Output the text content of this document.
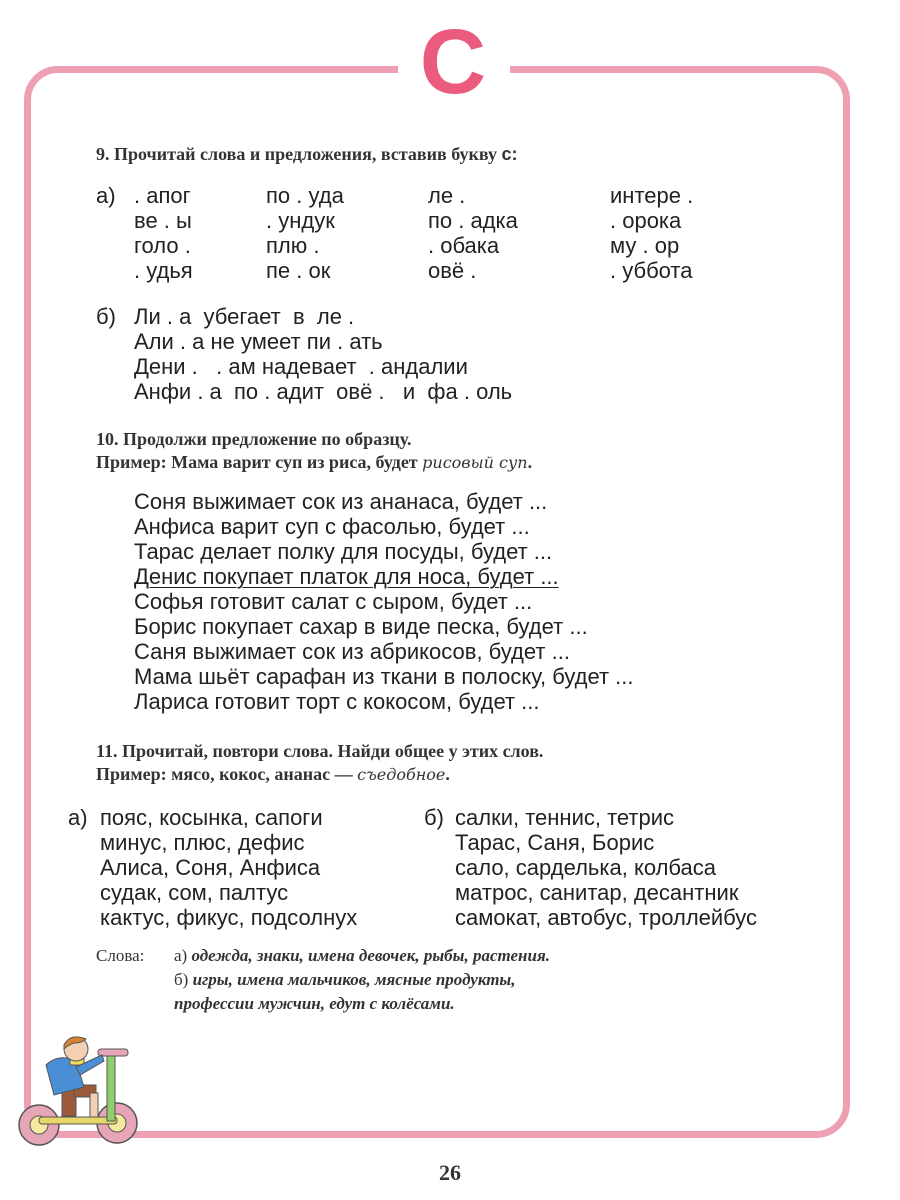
С
9. Прочитай слова и предложения, вставив букву с:
а) . апог
ве . ы
голо .
. удья
по . уда
. ундук
плю .
пе . ок
ле .
по . адка
. обака
овё .
интере .
. орока
му . ор
. уббота
б) Ли . а  убегает  в  ле .
Али . а не умеет пи . ать
Дени .   . ам надевает  . андалии
Анфи . а  по . адит  овё .   и  фа . оль
10. Продолжи предложение по образцу.
Пример: Мама варит суп из риса, будет рисовый суп.
Соня выжимает сок из ананаса, будет ...
Анфиса варит суп с фасолью, будет ...
Тарас делает полку для посуды, будет ...
Денис покупает платок для носа, будет ...
Софья готовит салат с сыром, будет ...
Борис покупает сахар в виде песка, будет ...
Саня выжимает сок из абрикосов, будет ...
Мама шьёт сарафан из ткани в полоску, будет ...
Лариса готовит торт с кокосом, будет ...
11. Прочитай, повтори слова. Найди общее у этих слов.
Пример: мясо, кокос, ананас — съедобное.
а) пояс, косынка, сапоги
минус, плюс, дефис
Алиса, Соня, Анфиса
судак, сом, палтус
кактус, фикус, подсолнух
б) салки, теннис, тетрис
Тарас, Саня, Борис
сало, сарделька, колбаса
матрос, санитар, десантник
самокат, автобус, троллейбус
Слова: а) одежда, знаки, имена девочек, рыбы, растения.
б) игры, имена мальчиков, мясные продукты,
профессии мужчин, едут с колёсами.
26
